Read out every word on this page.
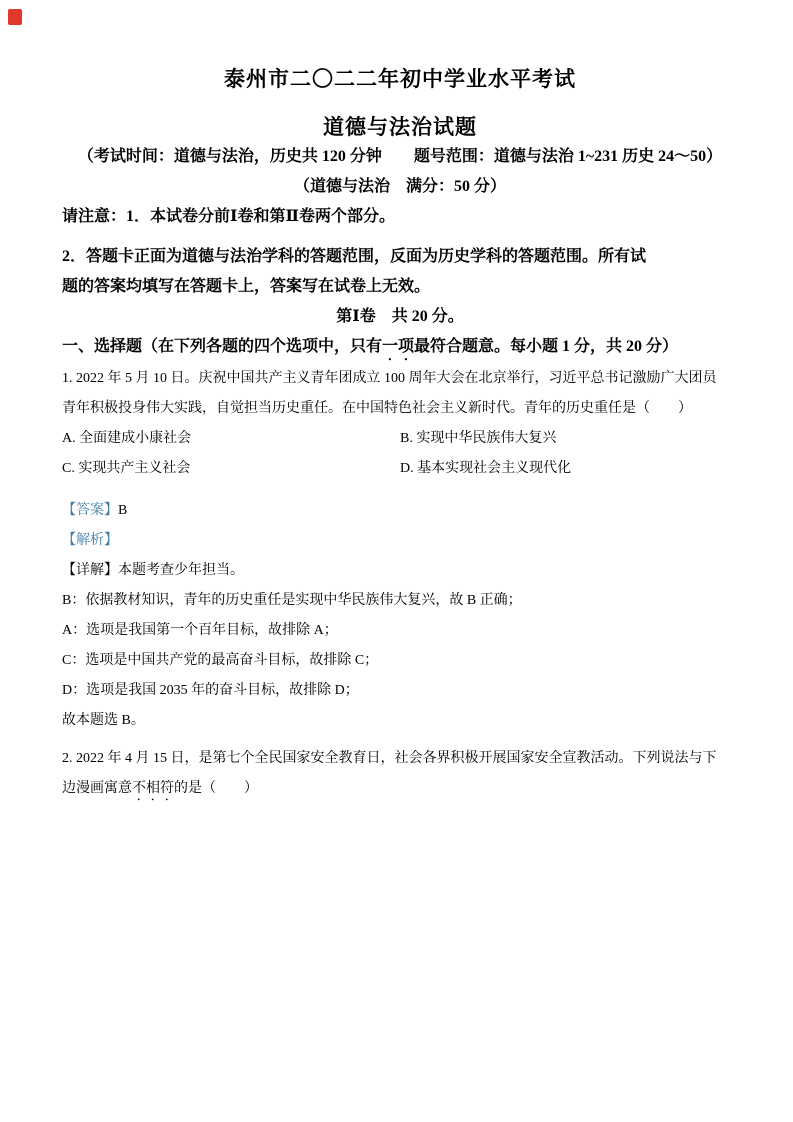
泰州市二〇二二年初中学业水平考试

道德与法治试题

（考试时间：道德与法治，历史共 120 分钟　　题号范围：道德与法治 1~231 历史 24～50）

（道德与法治　满分：50 分）

请注意：1．本试卷分前Ⅰ卷和第Ⅱ卷两个部分。

2．答题卡正面为道德与法治学科的答题范围，反面为历史学科的答题范围。所有试

题的答案均填写在答题卡上，答案写在试卷上无效。

第Ⅰ卷　共 20 分。

一、选择题（在下列各题的四个选项中，只有一项最符合题意。每小题 1 分，共 20 分）

1. 2022 年 5 月 10 日。庆祝中国共产主义青年团成立 100 周年大会在北京举行，习近平总书记激励广大团员

青年积极投身伟大实践，自觉担当历史重任。在中国特色社会主义新时代。青年的历史重任是（　　）

A. 全面建成小康社会	B. 实现中华民族伟大复兴
C. 实现共产主义社会	D. 基本实现社会主义现代化

【答案】B

【解析】

【详解】本题考查少年担当。

B：依据教材知识，青年的历史重任是实现中华民族伟大复兴，故 B 正确；

A：选项是我国第一个百年目标，故排除 A；

C：选项是中国共产党的最高奋斗目标，故排除 C；

D：选项是我国 2035 年的奋斗目标，故排除 D；

故本题选 B。

2. 2022 年 4 月 15 日，是第七个全民国家安全教育日，社会各界积极开展国家安全宣教活动。下列说法与下

边漫画寓意不相符的是（　　）
